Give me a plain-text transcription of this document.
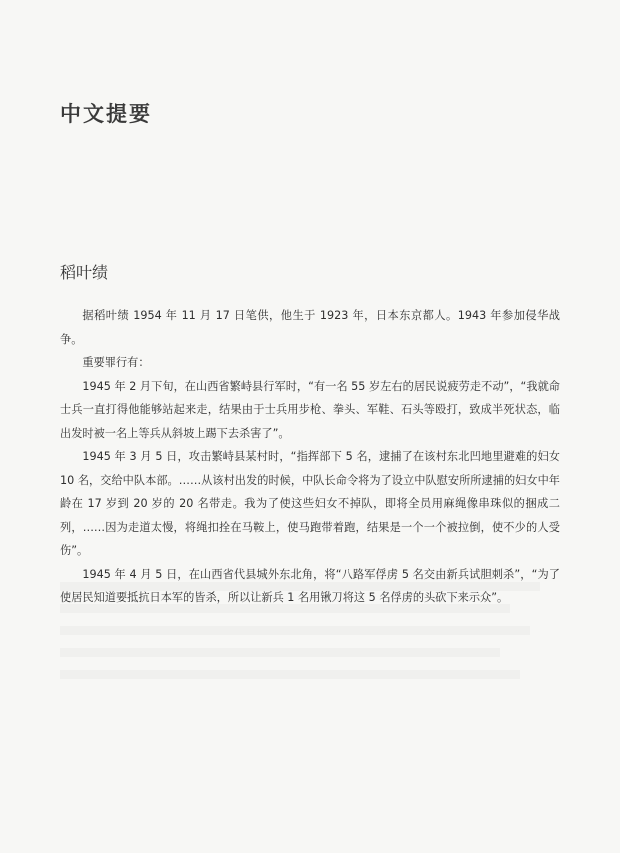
中文提要
稻叶绩

据稻叶绩 1954 年 11 月 17 日笔供，他生于 1923 年，日本东京都人。1943 年参加侵华战争。

重要罪行有：

1945 年 2 月下旬，在山西省繁峙县行军时，“有一名 55 岁左右的居民说疲劳走不动”，“我就命士兵一直打得他能够站起来走，结果由于士兵用步枪、拳头、军鞋、石头等殴打，致成半死状态，临出发时被一名上等兵从斜坡上踢下去杀害了”。

1945 年 3 月 5 日，攻击繁峙县某村时，“指挥部下 5 名，逮捕了在该村东北凹地里避难的妇女 10 名，交给中队本部。……从该村出发的时候，中队长命令将为了设立中队慰安所所逮捕的妇女中年龄在 17 岁到 20 岁的 20 名带走。我为了使这些妇女不掉队，即将全员用麻绳像串珠似的捆成二列，……因为走道太慢，将绳扣拴在马鞍上，使马跑带着跑，结果是一个一个被拉倒，使不少的人受伤”。

1945 年 4 月 5 日，在山西省代县城外东北角，将“八路军俘虏 5 名交由新兵试胆刺杀”，“为了使居民知道要抵抗日本军的皆杀，所以让新兵 1 名用锹刀将这 5 名俘虏的头砍下来示众”。
